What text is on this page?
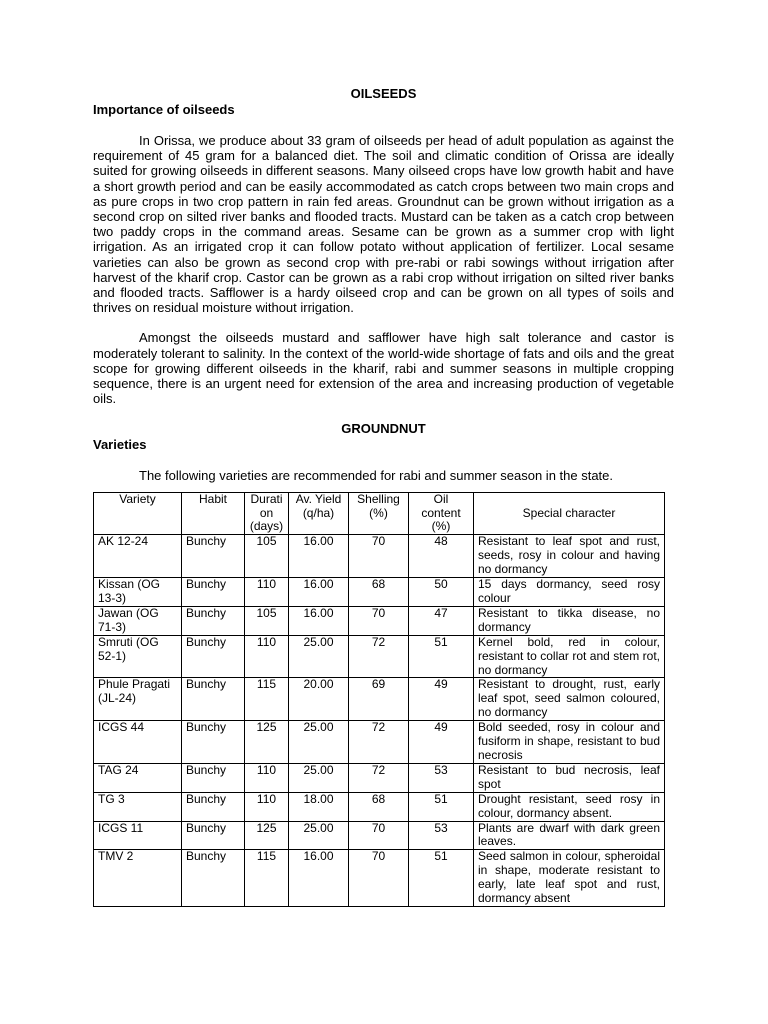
OILSEEDS

Importance of oilseeds

In Orissa, we produce about 33 gram of oilseeds per head of adult population as against the requirement of 45 gram for a balanced diet. The soil and climatic condition of Orissa are ideally suited for growing oilseeds in different seasons. Many oilseed crops have low growth habit and have a short growth period and can be easily accommodated as catch crops between two main crops and as pure crops in two crop pattern in rain fed areas. Groundnut can be grown without irrigation as a second crop on silted river banks and flooded tracts. Mustard can be taken as a catch crop between two paddy crops in the command areas. Sesame can be grown as a summer crop with light irrigation. As an irrigated crop it can follow potato without application of fertilizer. Local sesame varieties can also be grown as second crop with pre-rabi or rabi sowings without irrigation after harvest of the kharif crop. Castor can be grown as a rabi crop without irrigation on silted river banks and flooded tracts. Safflower is a hardy oilseed crop and can be grown on all types of soils and thrives on residual moisture without irrigation.

Amongst the oilseeds mustard and safflower have high salt tolerance and castor is moderately tolerant to salinity. In the context of the world-wide shortage of fats and oils and the great scope for growing different oilseeds in the kharif, rabi and summer seasons in multiple cropping sequence, there is an urgent need for extension of the area and increasing production of vegetable oils.

GROUNDNUT

Varieties

The following varieties are recommended for rabi and summer season in the state.

Variety	Habit	Durati on (days)	Av. Yield (q/ha)	Shelling (%)	Oil content (%)	Special character
AK 12-24	Bunchy	105	16.00	70	48	Resistant to leaf spot and rust, seeds, rosy in colour and having no dormancy
Kissan (OG 13-3)	Bunchy	110	16.00	68	50	15 days dormancy, seed rosy colour
Jawan (OG 71-3)	Bunchy	105	16.00	70	47	Resistant to tikka disease, no dormancy
Smruti (OG 52-1)	Bunchy	110	25.00	72	51	Kernel bold, red in colour, resistant to collar rot and stem rot, no dormancy
Phule Pragati (JL-24)	Bunchy	115	20.00	69	49	Resistant to drought, rust, early leaf spot, seed salmon coloured, no dormancy
ICGS 44	Bunchy	125	25.00	72	49	Bold seeded, rosy in colour and fusiform in shape, resistant to bud necrosis
TAG 24	Bunchy	110	25.00	72	53	Resistant to bud necrosis, leaf spot
TG 3	Bunchy	110	18.00	68	51	Drought resistant, seed rosy in colour, dormancy absent.
ICGS 11	Bunchy	125	25.00	70	53	Plants are dwarf with dark green leaves.
TMV 2	Bunchy	115	16.00	70	51	Seed salmon in colour, spheroidal in shape, moderate resistant to early, late leaf spot and rust, dormancy absent
